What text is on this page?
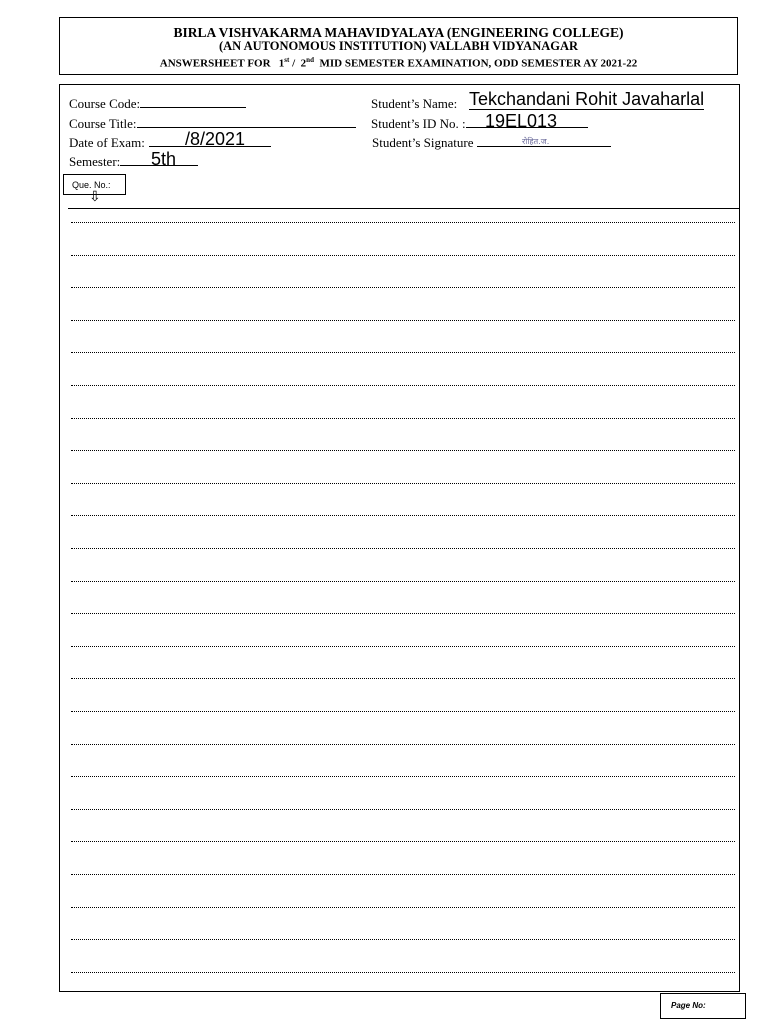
BIRLA VISHVAKARMA MAHAVIDYALAYA (ENGINEERING COLLEGE)
(AN AUTONOMOUS INSTITUTION) VALLABH VIDYANAGAR
ANSWERSHEET FOR 1st / 2nd MID SEMESTER EXAMINATION, ODD SEMESTER AY 2021-22
Course Code:
Course Title:
Date of Exam:	/8/2021
Semester:	5th
Student’s Name: Tekchandani Rohit Javaharlal
Student’s ID No. :	19EL013
Student’s Signature	रोहित.ज.
Que. No.:
⇩
Page No:
